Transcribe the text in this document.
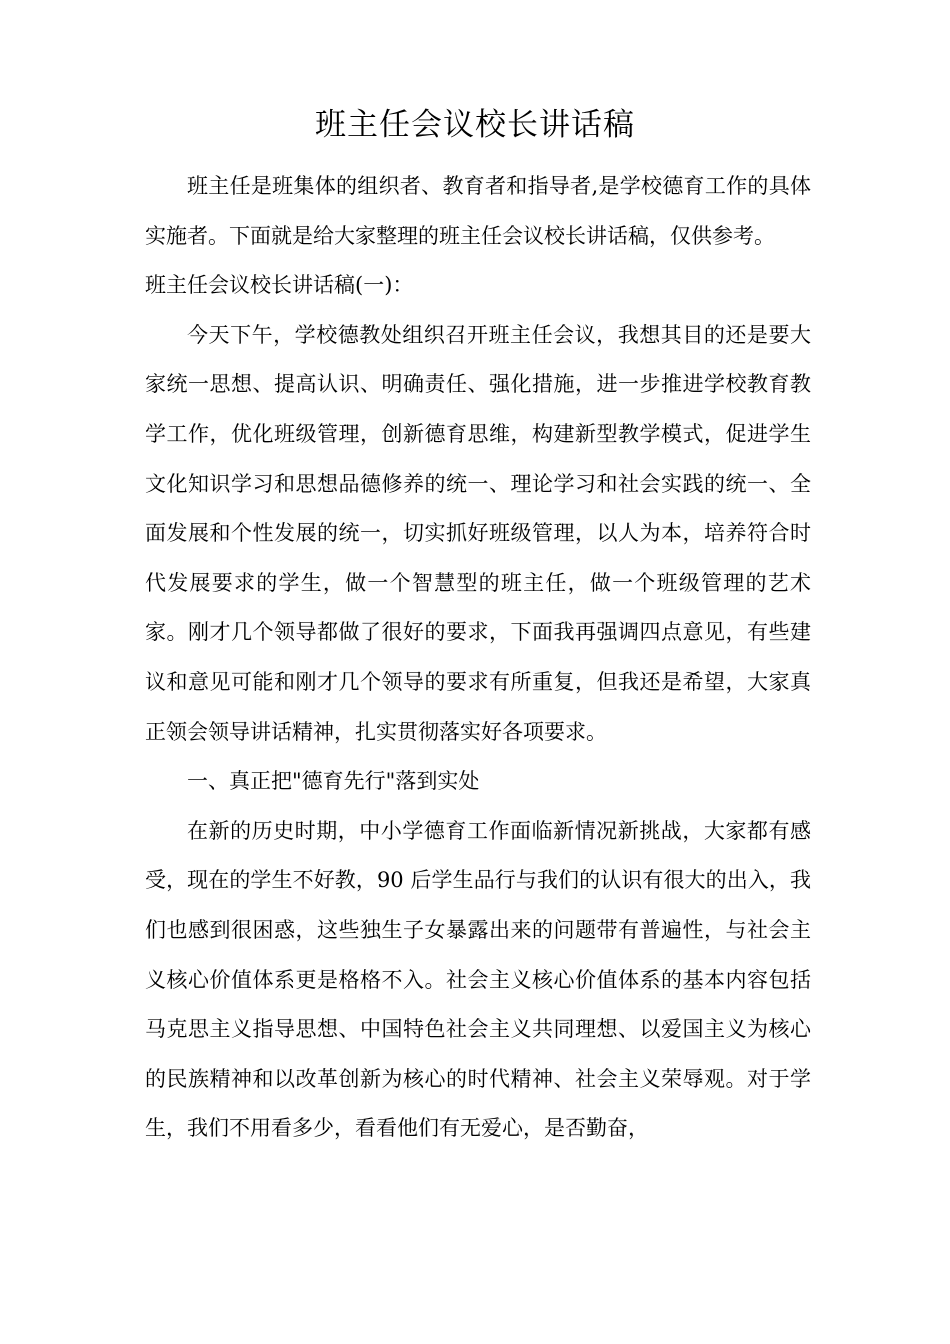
班主任会议校长讲话稿

班主任是班集体的组织者、教育者和指导者,是学校德育工作的具体实施者。下面就是给大家整理的班主任会议校长讲话稿，仅供参考。

班主任会议校长讲话稿(一)：

今天下午，学校德教处组织召开班主任会议，我想其目的还是要大家统一思想、提高认识、明确责任、强化措施，进一步推进学校教育教学工作，优化班级管理，创新德育思维，构建新型教学模式，促进学生文化知识学习和思想品德修养的统一、理论学习和社会实践的统一、全面发展和个性发展的统一，切实抓好班级管理，以人为本，培养符合时代发展要求的学生，做一个智慧型的班主任，做一个班级管理的艺术家。刚才几个领导都做了很好的要求，下面我再强调四点意见，有些建议和意见可能和刚才几个领导的要求有所重复，但我还是希望，大家真正领会领导讲话精神，扎实贯彻落实好各项要求。

一、真正把"德育先行"落到实处

在新的历史时期，中小学德育工作面临新情况新挑战，大家都有感受，现在的学生不好教，90 后学生品行与我们的认识有很大的出入，我们也感到很困惑，这些独生子女暴露出来的问题带有普遍性，与社会主义核心价值体系更是格格不入。社会主义核心价值体系的基本内容包括马克思主义指导思想、中国特色社会主义共同理想、以爱国主义为核心的民族精神和以改革创新为核心的时代精神、社会主义荣辱观。对于学生，我们不用看多少，看看他们有无爱心，是否勤奋，
